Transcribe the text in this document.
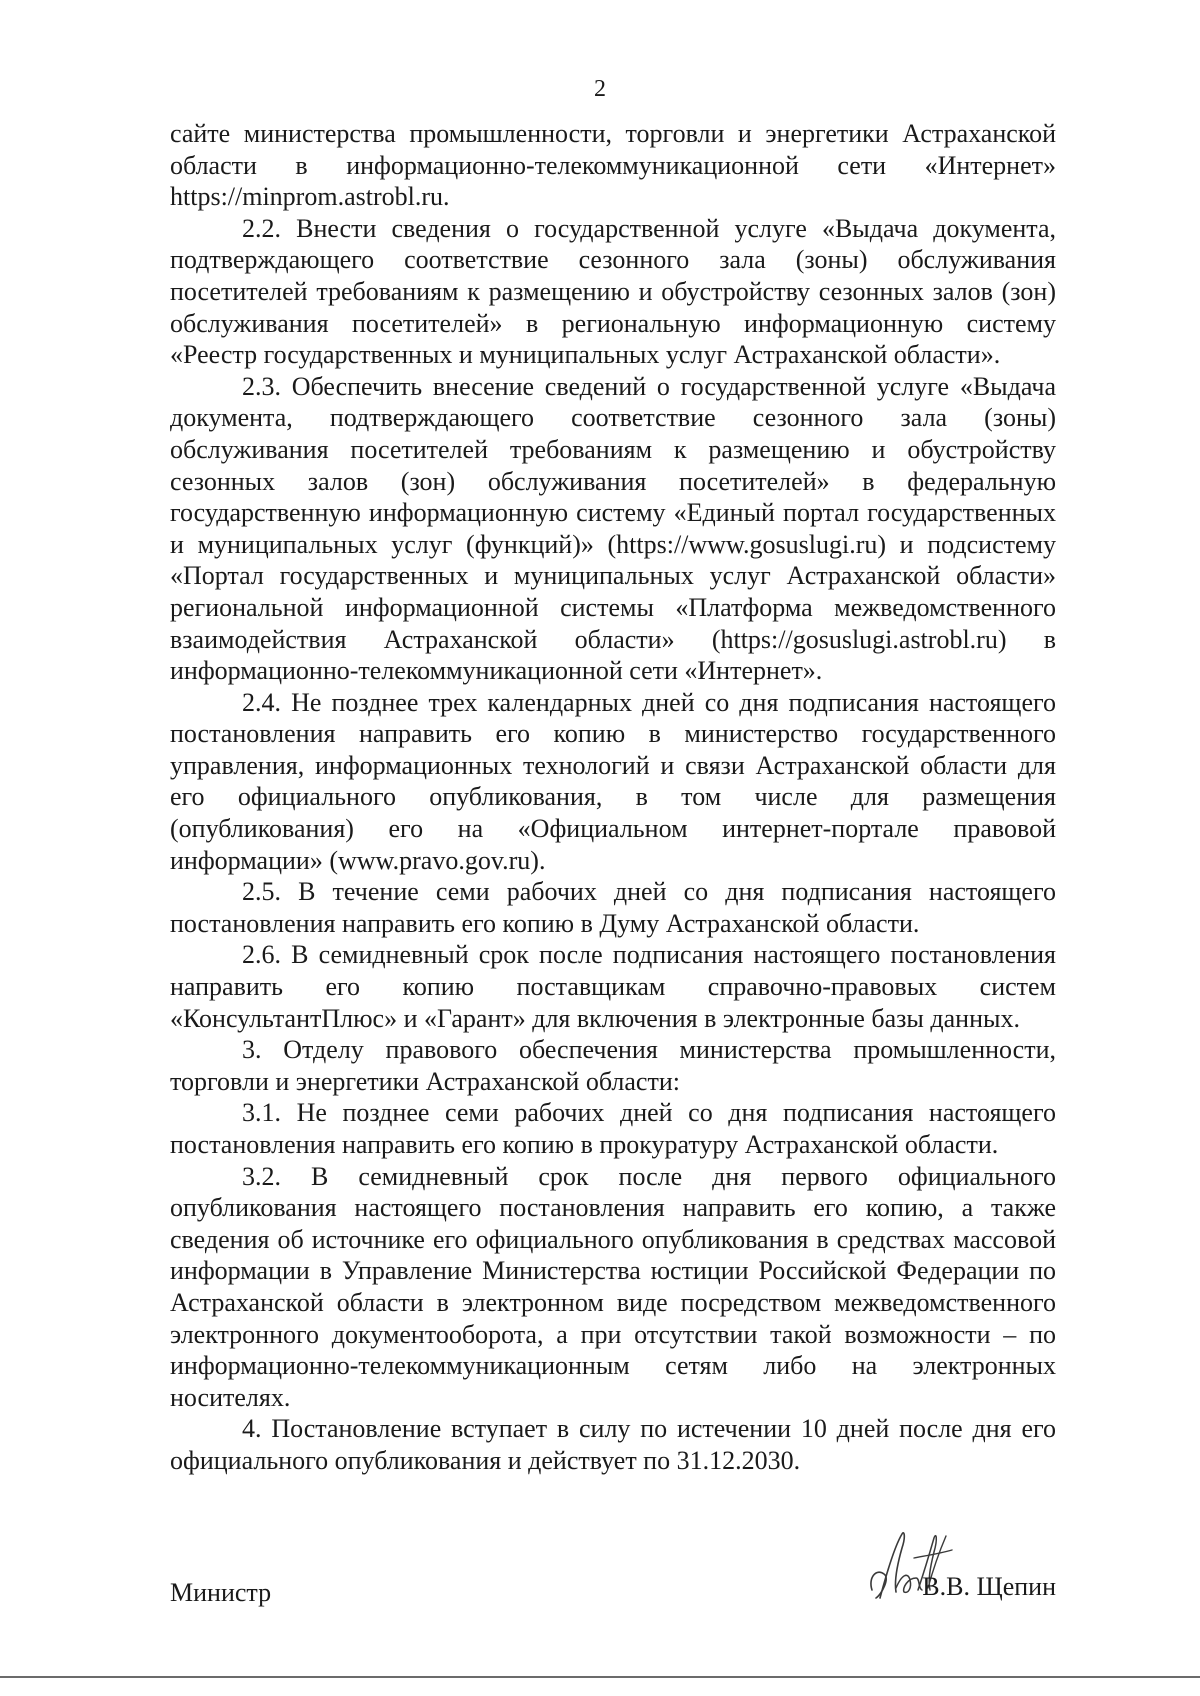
2

сайте министерства промышленности, торговли и энергетики Астраханской области в информационно-телекоммуникационной сети «Интернет» https://minprom.astrobl.ru.

2.2. Внести сведения о государственной услуге «Выдача документа, подтверждающего соответствие сезонного зала (зоны) обслуживания посетителей требованиям к размещению и обустройству сезонных залов (зон) обслуживания посетителей» в региональную информационную систему «Реестр государственных и муниципальных услуг Астраханской области».

2.3. Обеспечить внесение сведений о государственной услуге «Выдача документа, подтверждающего соответствие сезонного зала (зоны) обслуживания посетителей требованиям к размещению и обустройству сезонных залов (зон) обслуживания посетителей» в федеральную государственную информационную систему «Единый портал государственных и муниципальных услуг (функций)» (https://www.gosuslugi.ru) и подсистему «Портал государственных и муниципальных услуг Астраханской области» региональной информационной системы «Платформа межведомственного взаимодействия Астраханской области» (https://gosuslugi.astrobl.ru) в информационно-телекоммуникационной сети «Интернет».

2.4. Не позднее трех календарных дней со дня подписания настоящего постановления направить его копию в министерство государственного управления, информационных технологий и связи Астраханской области для его официального опубликования, в том числе для размещения (опубликования) его на «Официальном интернет-портале правовой информации» (www.pravo.gov.ru).

2.5. В течение семи рабочих дней со дня подписания настоящего постановления направить его копию в Думу Астраханской области.

2.6. В семидневный срок после подписания настоящего постановления направить его копию поставщикам справочно-правовых систем «КонсультантПлюс» и «Гарант» для включения в электронные базы данных.

3. Отделу правового обеспечения министерства промышленности, торговли и энергетики Астраханской области:

3.1. Не позднее семи рабочих дней со дня подписания настоящего постановления направить его копию в прокуратуру Астраханской области.

3.2. В семидневный срок после дня первого официального опубликования настоящего постановления направить его копию, а также сведения об источнике его официального опубликования в средствах массовой информации в Управление Министерства юстиции Российской Федерации по Астраханской области в электронном виде посредством межведомственного электронного документооборота, а при отсутствии такой возможности – по информационно-телекоммуникационным сетям либо на электронных носителях.

4. Постановление вступает в силу по истечении 10 дней после дня его официального опубликования и действует по 31.12.2030.

Министр	В.В. Щепин
